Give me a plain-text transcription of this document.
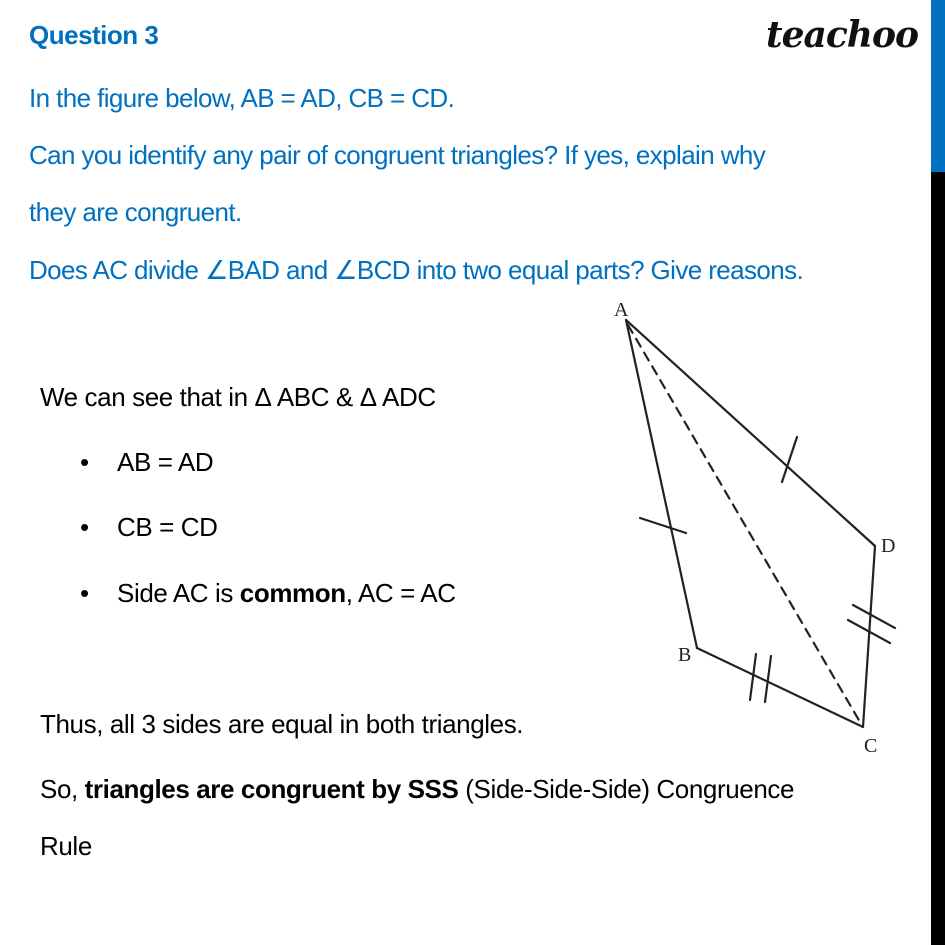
Question 3	teachoo
In the figure below, AB = AD, CB = CD.
Can you identify any pair of congruent triangles? If yes, explain why
they are congruent.
Does AC divide ∠BAD and ∠BCD into two equal parts? Give reasons.
We can see that in Δ ABC & Δ ADC
• AB = AD
• CB = CD
• Side AC is common, AC = AC
Thus, all 3 sides are equal in both triangles.
So, triangles are congruent by SSS (Side-Side-Side) Congruence
Rule
A
B
C
D
